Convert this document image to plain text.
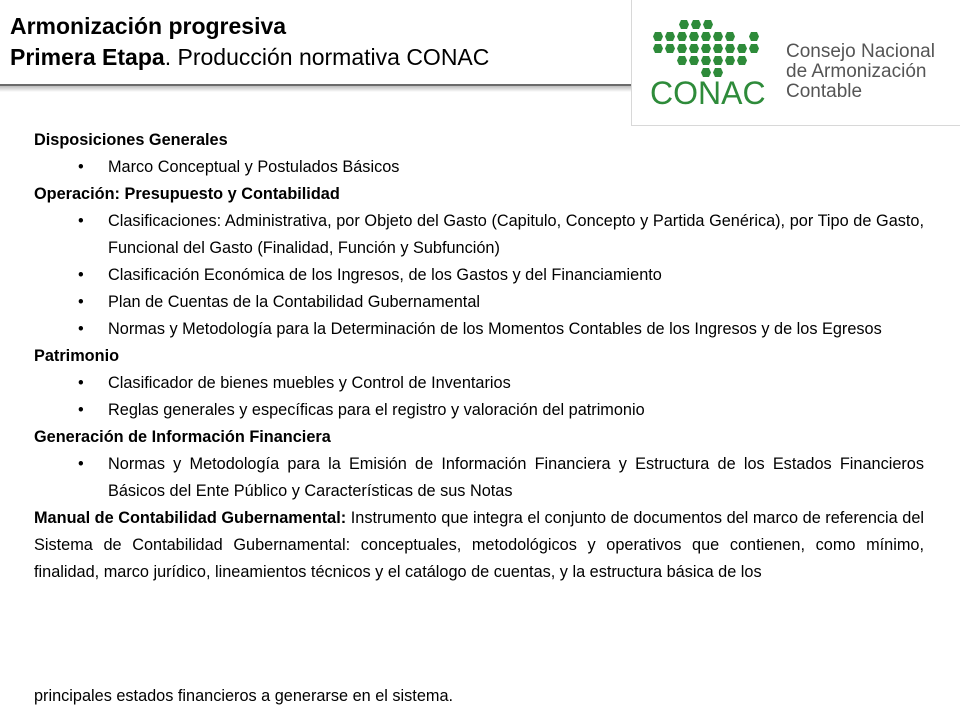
Armonización progresiva
Primera Etapa. Producción normativa CONAC
CONAC
Consejo Nacional
de Armonización
Contable
Disposiciones Generales
• Marco Conceptual y Postulados Básicos
Operación: Presupuesto y Contabilidad
• Clasificaciones: Administrativa, por Objeto del Gasto (Capitulo, Concepto y Partida Genérica), por Tipo de Gasto, Funcional del Gasto (Finalidad, Función y Subfunción)
• Clasificación Económica de los Ingresos, de los Gastos y del Financiamiento
• Plan de Cuentas de la Contabilidad Gubernamental
• Normas y Metodología para la Determinación de los Momentos Contables de los Ingresos y de los Egresos
Patrimonio
• Clasificador de bienes muebles y Control de Inventarios
• Reglas generales y específicas para el registro y valoración del patrimonio
Generación de Información Financiera
• Normas y Metodología para la Emisión de Información Financiera y Estructura de los Estados Financieros Básicos del Ente Público y Características de sus Notas
Manual de Contabilidad Gubernamental: Instrumento que integra el conjunto de documentos del marco de referencia del Sistema de Contabilidad Gubernamental: conceptuales, metodológicos y operativos que contienen, como mínimo, finalidad, marco jurídico, lineamientos técnicos y el catálogo de cuentas, y la estructura básica de los
principales estados financieros a generarse en el sistema.
